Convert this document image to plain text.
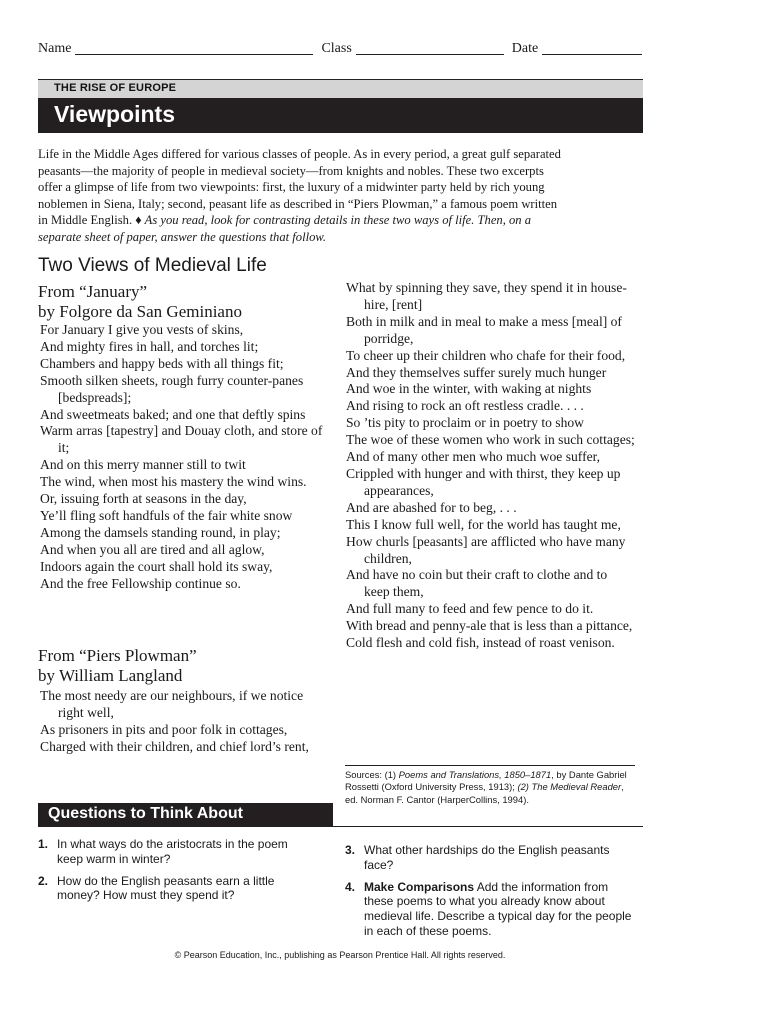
Name	Class	Date
THE RISE OF EUROPE
Viewpoints
Life in the Middle Ages differed for various classes of people. As in every period, a great gulf separated peasants—the majority of people in medieval society—from knights and nobles. These two excerpts offer a glimpse of life from two viewpoints: first, the luxury of a midwinter party held by rich young noblemen in Siena, Italy; second, peasant life as described in “Piers Plowman,” a famous poem written in Middle English. ♦ As you read, look for contrasting details in these two ways of life. Then, on a separate sheet of paper, answer the questions that follow.
Two Views of Medieval Life
From “January”
by Folgore da San Geminiano
For January I give you vests of skins,
And mighty fires in hall, and torches lit;
Chambers and happy beds with all things fit;
Smooth silken sheets, rough furry counter-panes [bedspreads];
And sweetmeats baked; and one that deftly spins
Warm arras [tapestry] and Douay cloth, and store of it;
And on this merry manner still to twit
The wind, when most his mastery the wind wins.
Or, issuing forth at seasons in the day,
Ye’ll fling soft handfuls of the fair white snow
Among the damsels standing round, in play;
And when you all are tired and all aglow,
Indoors again the court shall hold its sway,
And the free Fellowship continue so.
From “Piers Plowman”
by William Langland
The most needy are our neighbours, if we notice right well,
As prisoners in pits and poor folk in cottages,
Charged with their children, and chief lord’s rent,
What by spinning they save, they spend it in house-hire, [rent]
Both in milk and in meal to make a mess [meal] of porridge,
To cheer up their children who chafe for their food,
And they themselves suffer surely much hunger
And woe in the winter, with waking at nights
And rising to rock an oft restless cradle. . . .
So ’tis pity to proclaim or in poetry to show
The woe of these women who work in such cottages;
And of many other men who much woe suffer,
Crippled with hunger and with thirst, they keep up appearances,
And are abashed for to beg, . . .
This I know full well, for the world has taught me,
How churls [peasants] are afflicted who have many children,
And have no coin but their craft to clothe and to keep them,
And full many to feed and few pence to do it.
With bread and penny-ale that is less than a pittance,
Cold flesh and cold fish, instead of roast venison.
Sources: (1) Poems and Translations, 1850–1871, by Dante Gabriel Rossetti (Oxford University Press, 1913); (2) The Medieval Reader, ed. Norman F. Cantor (HarperCollins, 1994).
Questions to Think About
1. In what ways do the aristocrats in the poem keep warm in winter?
2. How do the English peasants earn a little money? How must they spend it?
3. What other hardships do the English peasants face?
4. Make Comparisons Add the information from these poems to what you already know about medieval life. Describe a typical day for the people in each of these poems.
© Pearson Education, Inc., publishing as Pearson Prentice Hall. All rights reserved.
